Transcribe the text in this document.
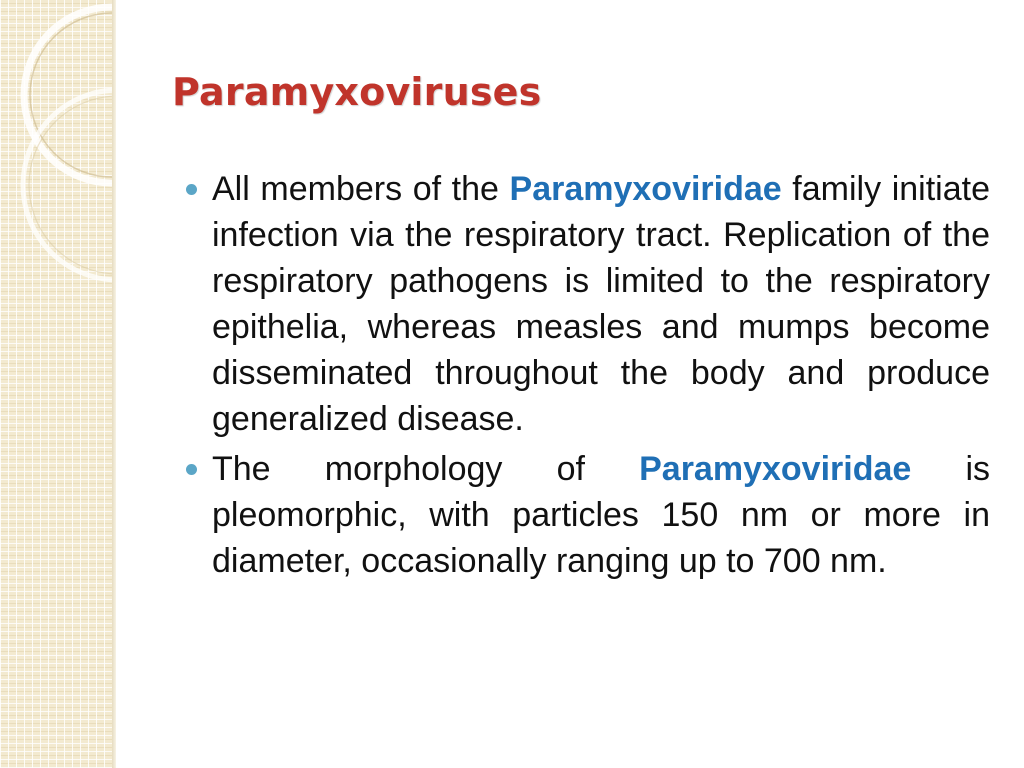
Paramyxoviruses
All members of the Paramyxoviridae family initiate infection via the respiratory tract. Replication of the respiratory pathogens is limited to the respiratory epithelia, whereas measles and mumps become disseminated throughout the body and produce generalized disease.
The morphology of Paramyxoviridae is pleomorphic, with particles 150 nm or more in diameter, occasionally ranging up to 700 nm.
